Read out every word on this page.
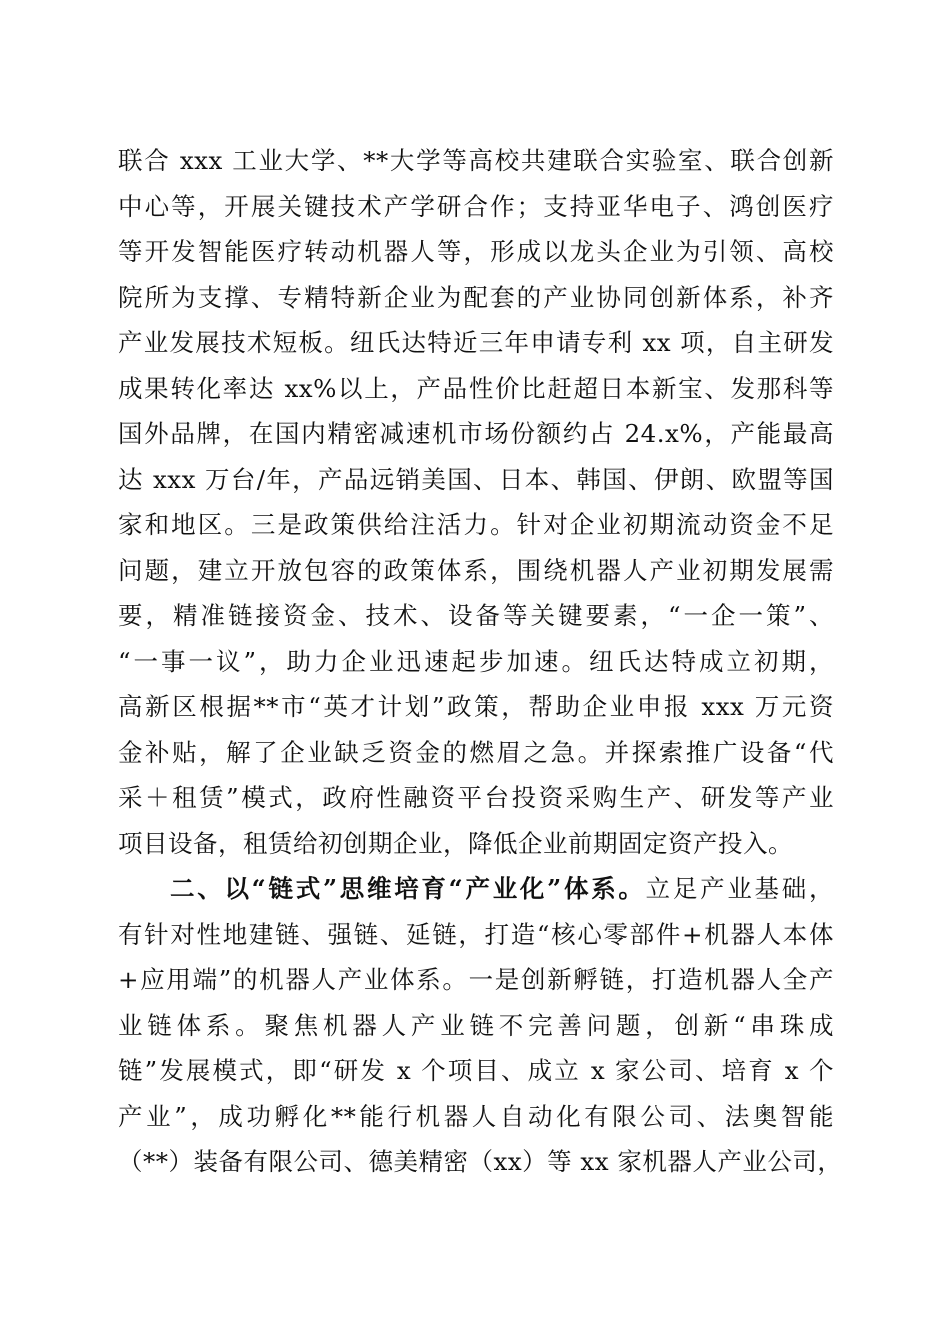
联合 xxx 工业大学、**大学等高校共建联合实验室、联合创新
中心等，开展关键技术产学研合作；支持亚华电子、鸿创医疗
等开发智能医疗转动机器人等，形成以龙头企业为引领、高校
院所为支撑、专精特新企业为配套的产业协同创新体系，补齐
产业发展技术短板。纽氏达特近三年申请专利 xx 项，自主研发
成果转化率达 xx%以上，产品性价比赶超日本新宝、发那科等
国外品牌，在国内精密减速机市场份额约占 24.x%，产能最高
达 xxx 万台/年，产品远销美国、日本、韩国、伊朗、欧盟等国
家和地区。三是政策供给注活力。针对企业初期流动资金不足
问题，建立开放包容的政策体系，围绕机器人产业初期发展需
要，精准链接资金、技术、设备等关键要素，“一企一策”、
“一事一议”，助力企业迅速起步加速。纽氏达特成立初期，
高新区根据**市“英才计划”政策，帮助企业申报 xxx 万元资
金补贴，解了企业缺乏资金的燃眉之急。并探索推广设备“代
采＋租赁”模式，政府性融资平台投资采购生产、研发等产业
项目设备，租赁给初创期企业，降低企业前期固定资产投入。
二、以“链式”思维培育“产业化”体系。立足产业基础，
有针对性地建链、强链、延链，打造“核心零部件+机器人本体
+应用端”的机器人产业体系。一是创新孵链，打造机器人全产
业链体系。聚焦机器人产业链不完善问题，创新“串珠成
链”发展模式，即“研发 x 个项目、成立 x 家公司、培育 x 个
产业”，成功孵化**能行机器人自动化有限公司、法奥智能
（**）装备有限公司、德美精密（xx）等 xx 家机器人产业公司，
